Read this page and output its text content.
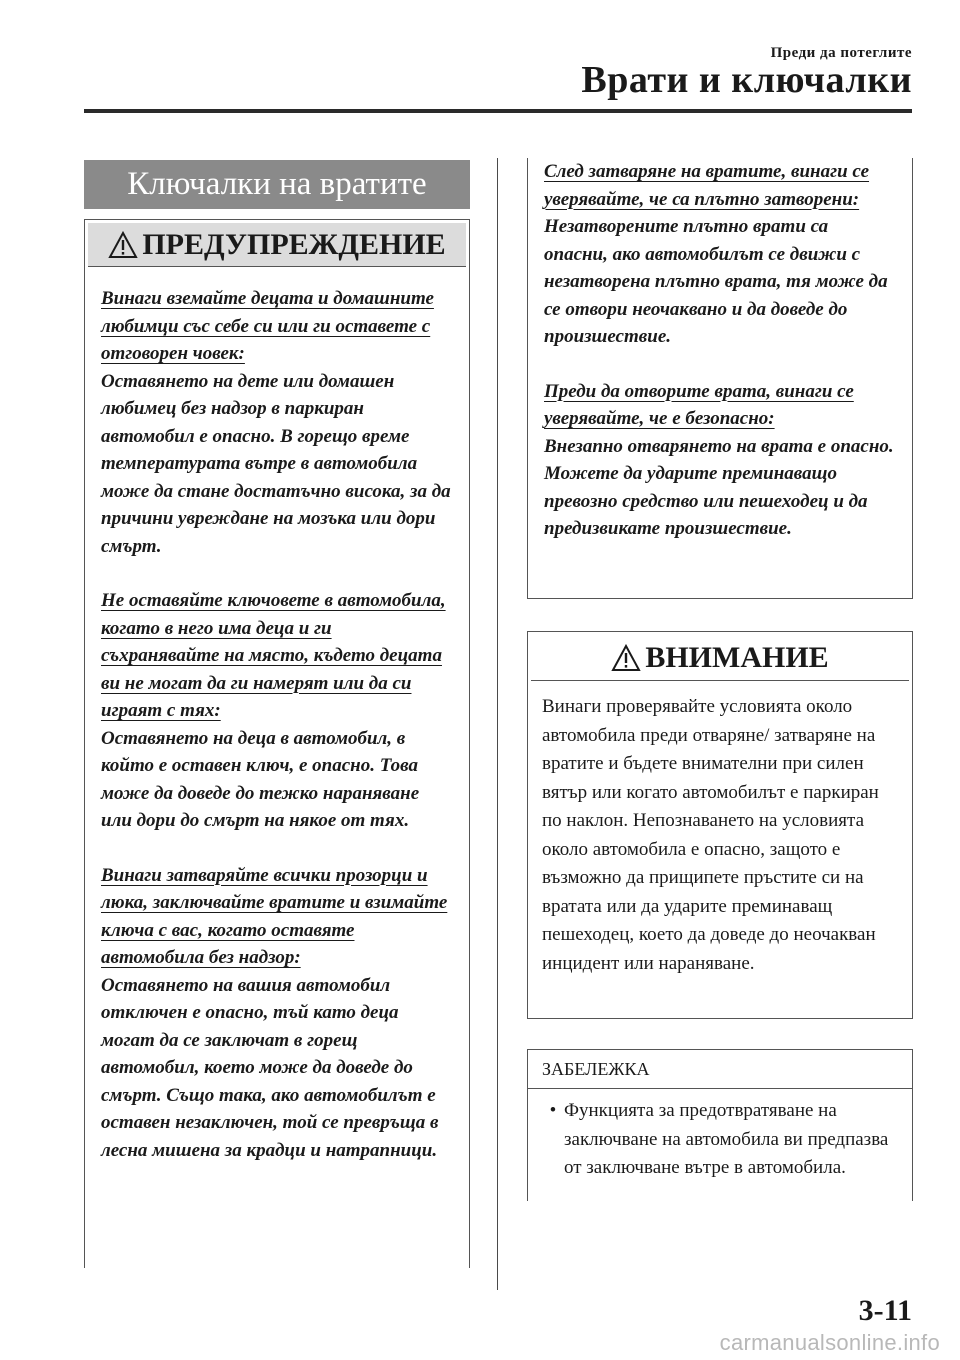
Преди да потеглите
Врати и ключалки
Ключалки на вратите
ПРЕДУПРЕЖДЕНИЕ

Винаги вземайте децата и домашните любимци със себе си или ги оставете с отговорен човек:
Оставянето на дете или домашен любимец без надзор в паркиран автомобил е опасно. В горещо време температурата вътре в автомобила може да стане достатъчно висока, за да причини увреждане на мозъка или дори смърт.

Не оставяйте ключовете в автомобила, когато в него има деца и ги съхранявайте на място, където децата ви не могат да ги намерят или да си играят с тях:
Оставянето на деца в автомобил, в който е оставен ключ, е опасно. Това може да доведе до тежко нараняване или дори до смърт на някое от тях.

Винаги затваряйте всички прозорци и люка, заключвайте вратите и взимайте ключа с вас, когато оставяте автомобила без надзор:
Оставянето на вашия автомобил отключен е опасно, тъй като деца могат да се заключат в горещ автомобил, което може да доведе до смърт. Също така, ако автомобилът е оставен незаключен, той се превръща в лесна мишена за крадци и натрапници.

След затваряне на вратите, винаги се уверявайте, че са плътно затворени:
Незатворените плътно врати са опасни, ако автомобилът се движи с незатворена плътно врата, тя може да се отвори неочаквано и да доведе до произшествие.

Преди да отворите врата, винаги се уверявайте, че е безопасно:
Внезапно отварянето на врата е опасно. Можете да ударите преминаващо превозно средство или пешеходец и да предизвикате произшествие.

ВНИМАНИЕ
Винаги проверявайте условията около автомобила преди отваряне/ затваряне на вратите и бъдете внимателни при силен вятър или когато автомобилът е паркиран по наклон. Непознаването на условията около автомобила е опасно, защото е възможно да прищипете пръстите си на вратата или да ударите преминаващ пешеходец, което да доведе до неочакван инцидент или нараняване.
ЗАБЕЛЕЖКА
• Функцията за предотвратяване на заключване на автомобила ви предпазва от заключване вътре в автомобила.
3-11
carmanualsonline.info
